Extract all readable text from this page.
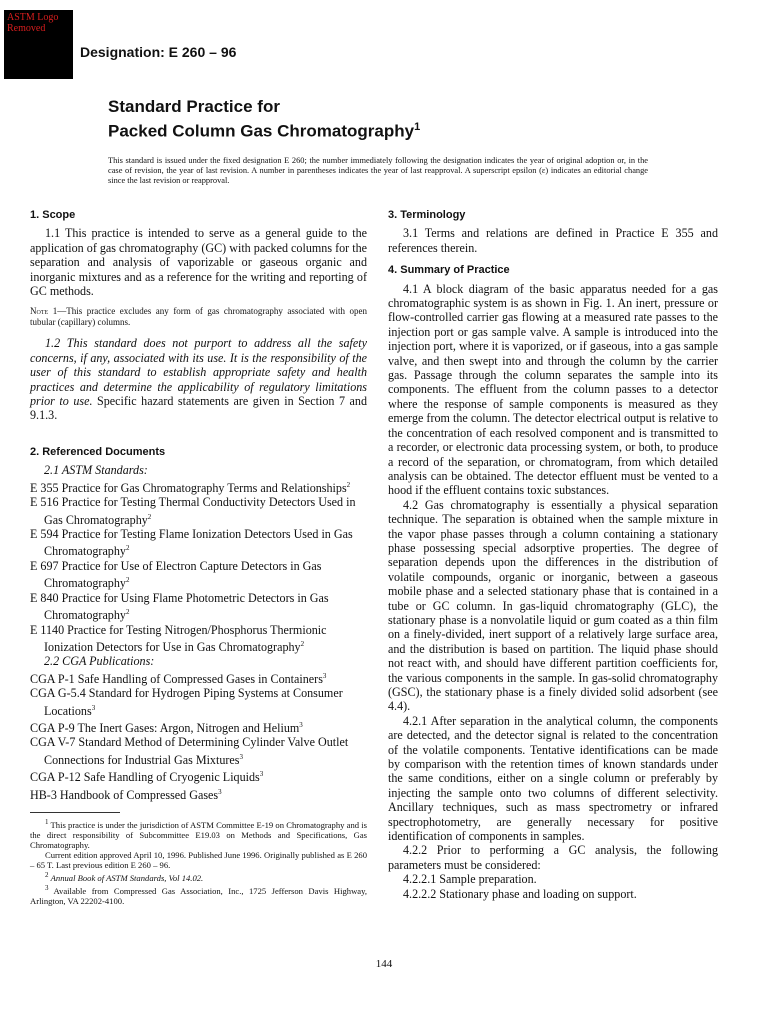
ASTM Logo Removed
Designation: E 260 – 96
Standard Practice for
Packed Column Gas Chromatography$^1$
This standard is issued under the fixed designation E 260; the number immediately following the designation indicates the year of original adoption or, in the case of revision, the year of last revision. A number in parentheses indicates the year of last reapproval. A superscript epsilon (ε) indicates an editorial change since the last revision or reapproval.
1. Scope

1.1 This practice is intended to serve as a general guide to the application of gas chromatography (GC) with packed columns for the separation and analysis of vaporizable or gaseous organic and inorganic mixtures and as a reference for the writing and reporting of GC methods.

Note 1—This practice excludes any form of gas chromatography associated with open tubular (capillary) columns.

1.2 This standard does not purport to address all the safety concerns, if any, associated with its use. It is the responsibility of the user of this standard to establish appropriate safety and health practices and determine the applicability of regulatory limitations prior to use. Specific hazard statements are given in Section 7 and 9.1.3.

2. Referenced Documents

2.1 ASTM Standards:

E 355 Practice for Gas Chromatography Terms and Relationships$^2$

E 516 Practice for Testing Thermal Conductivity Detectors Used in Gas Chromatography$^2$

E 594 Practice for Testing Flame Ionization Detectors Used in Gas Chromatography$^2$

E 697 Practice for Use of Electron Capture Detectors in Gas Chromatography$^2$

E 840 Practice for Using Flame Photometric Detectors in Gas Chromatography$^2$

E 1140 Practice for Testing Nitrogen/Phosphorus Thermionic Ionization Detectors for Use in Gas Chromatography$^2$

2.2 CGA Publications:

CGA P-1 Safe Handling of Compressed Gases in Containers$^3$

CGA G-5.4 Standard for Hydrogen Piping Systems at Consumer Locations$^3$

CGA P-9 The Inert Gases: Argon, Nitrogen and Helium$^3$

CGA V-7 Standard Method of Determining Cylinder Valve Outlet Connections for Industrial Gas Mixtures$^3$

CGA P-12 Safe Handling of Cryogenic Liquids$^3$

HB-3 Handbook of Compressed Gases$^3$

$^1$ This practice is under the jurisdiction of ASTM Committee E-19 on Chromatography and is the direct responsibility of Subcommittee E19.03 on Methods and Specifications, Gas Chromatography.

Current edition approved April 10, 1996. Published June 1996. Originally published as E 260 – 65 T. Last previous edition E 260 – 96.

$^2$ Annual Book of ASTM Standards, Vol 14.02.

$^3$ Available from Compressed Gas Association, Inc., 1725 Jefferson Davis Highway, Arlington, VA 22202-4100.

3. Terminology

3.1 Terms and relations are defined in Practice E 355 and references therein.

4. Summary of Practice

4.1 A block diagram of the basic apparatus needed for a gas chromatographic system is as shown in Fig. 1. An inert, pressure or flow-controlled carrier gas flowing at a measured rate passes to the injection port or gas sample valve. A sample is introduced into the injection port, where it is vaporized, or if gaseous, into a gas sample valve, and then swept into and through the column by the carrier gas. Passage through the column separates the sample into its components. The effluent from the column passes to a detector where the response of sample components is measured as they emerge from the column. The detector electrical output is relative to the concentration of each resolved component and is transmitted to a recorder, or electronic data processing system, or both, to produce a record of the separation, or chromatogram, from which detailed analysis can be obtained. The detector effluent must be vented to a hood if the effluent contains toxic substances.

4.2 Gas chromatography is essentially a physical separation technique. The separation is obtained when the sample mixture in the vapor phase passes through a column containing a stationary phase possessing special adsorptive properties. The degree of separation depends upon the differences in the distribution of volatile compounds, organic or inorganic, between a gaseous mobile phase and a selected stationary phase that is contained in a tube or GC column. In gas-liquid chromatography (GLC), the stationary phase is a nonvolatile liquid or gum coated as a thin film on a finely-divided, inert support of a relatively large surface area, and the distribution is based on partition. The liquid phase should not react with, and should have different partition coefficients for, the various components in the sample. In gas-solid chromatography (GSC), the stationary phase is a finely divided solid adsorbent (see 4.4).

4.2.1 After separation in the analytical column, the components are detected, and the detector signal is related to the concentration of the volatile components. Tentative identifications can be made by comparison with the retention times of known standards under the same conditions, either on a single column or preferably by injecting the sample onto two columns of different selectivity. Ancillary techniques, such as mass spectrometry or infrared spectrophotometry, are generally necessary for positive identification of components in samples.

4.2.2 Prior to performing a GC analysis, the following parameters must be considered:

4.2.2.1 Sample preparation.

4.2.2.2 Stationary phase and loading on support.

144
